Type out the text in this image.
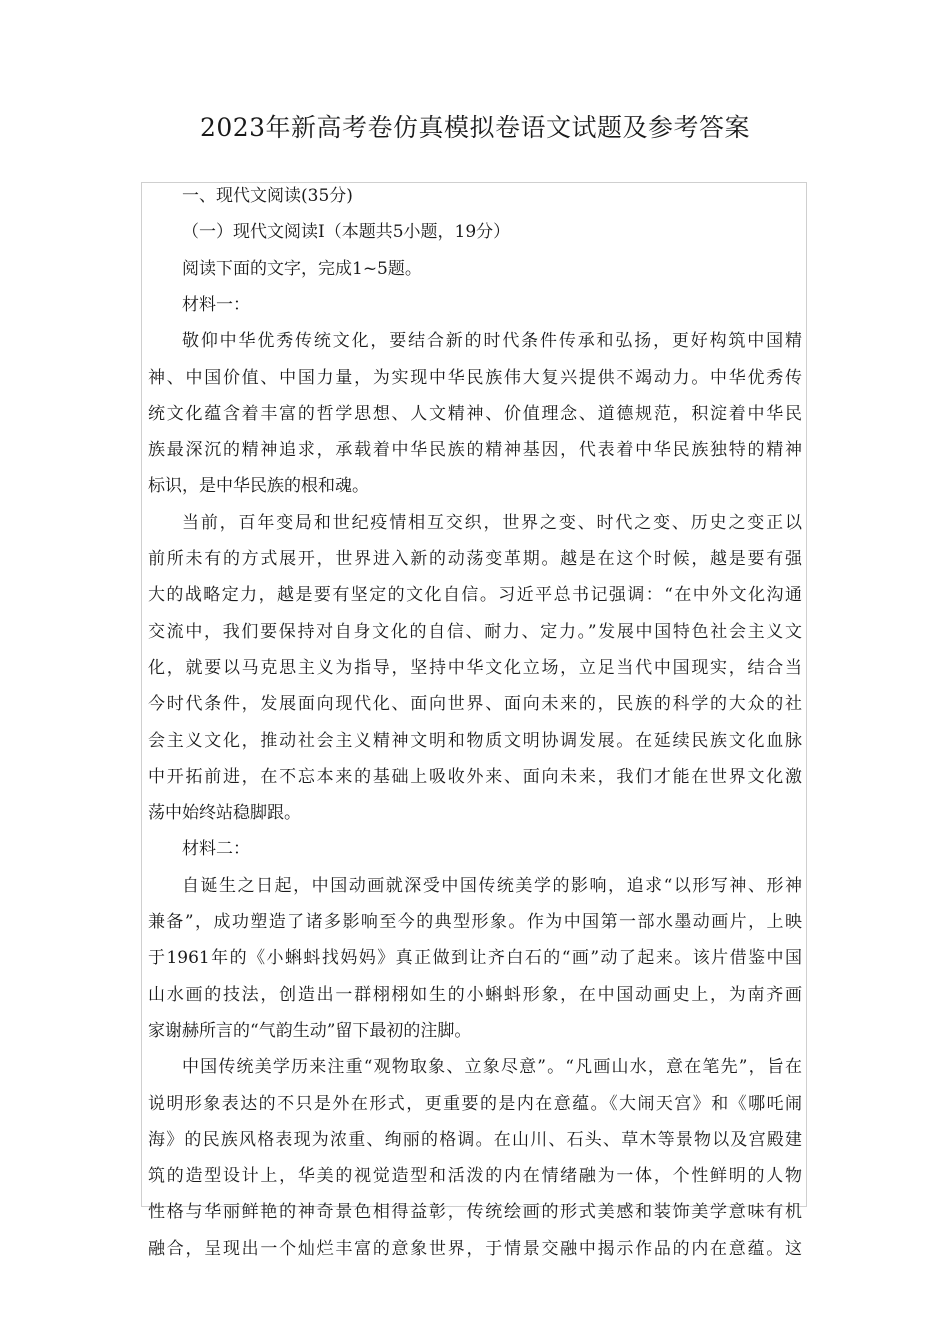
2023年新高考卷仿真模拟卷语文试题及参考答案
一、现代文阅读(35分)
（一）现代文阅读Ⅰ（本题共5小题，19分）
阅读下面的文字，完成1~5题。
材料一：
敬仰中华优秀传统文化，要结合新的时代条件传承和弘扬，更好构筑中国精
神、中国价值、中国力量，为实现中华民族伟大复兴提供不竭动力。中华优秀传
统文化蕴含着丰富的哲学思想、人文精神、价值理念、道德规范，积淀着中华民
族最深沉的精神追求，承载着中华民族的精神基因，代表着中华民族独特的精神
标识，是中华民族的根和魂。
当前，百年变局和世纪疫情相互交织，世界之变、时代之变、历史之变正以
前所未有的方式展开，世界进入新的动荡变革期。越是在这个时候，越是要有强
大的战略定力，越是要有坚定的文化自信。习近平总书记强调：“在中外文化沟通
交流中，我们要保持对自身文化的自信、耐力、定力。”发展中国特色社会主义文
化，就要以马克思主义为指导，坚持中华文化立场，立足当代中国现实，结合当
今时代条件，发展面向现代化、面向世界、面向未来的，民族的科学的大众的社
会主义文化，推动社会主义精神文明和物质文明协调发展。在延续民族文化血脉
中开拓前进，在不忘本来的基础上吸收外来、面向未来，我们才能在世界文化激
荡中始终站稳脚跟。
材料二：
自诞生之日起，中国动画就深受中国传统美学的影响，追求“以形写神、形神
兼备”，成功塑造了诸多影响至今的典型形象。作为中国第一部水墨动画片，上映
于1961年的《小蝌蚪找妈妈》真正做到让齐白石的“画”动了起来。该片借鉴中国
山水画的技法，创造出一群栩栩如生的小蝌蚪形象，在中国动画史上，为南齐画
家谢赫所言的“气韵生动”留下最初的注脚。
中国传统美学历来注重“观物取象、立象尽意”。“凡画山水，意在笔先”，旨在
说明形象表达的不只是外在形式，更重要的是内在意蕴。《大闹天宫》和《哪吒闹
海》的民族风格表现为浓重、绚丽的格调。在山川、石头、草木等景物以及宫殿建
筑的造型设计上，华美的视觉造型和活泼的内在情绪融为一体，个性鲜明的人物
性格与华丽鲜艳的神奇景色相得益彰，传统绘画的形式美感和装饰美学意味有机
融合，呈现出一个灿烂丰富的意象世界，于情景交融中揭示作品的内在意蕴。这
